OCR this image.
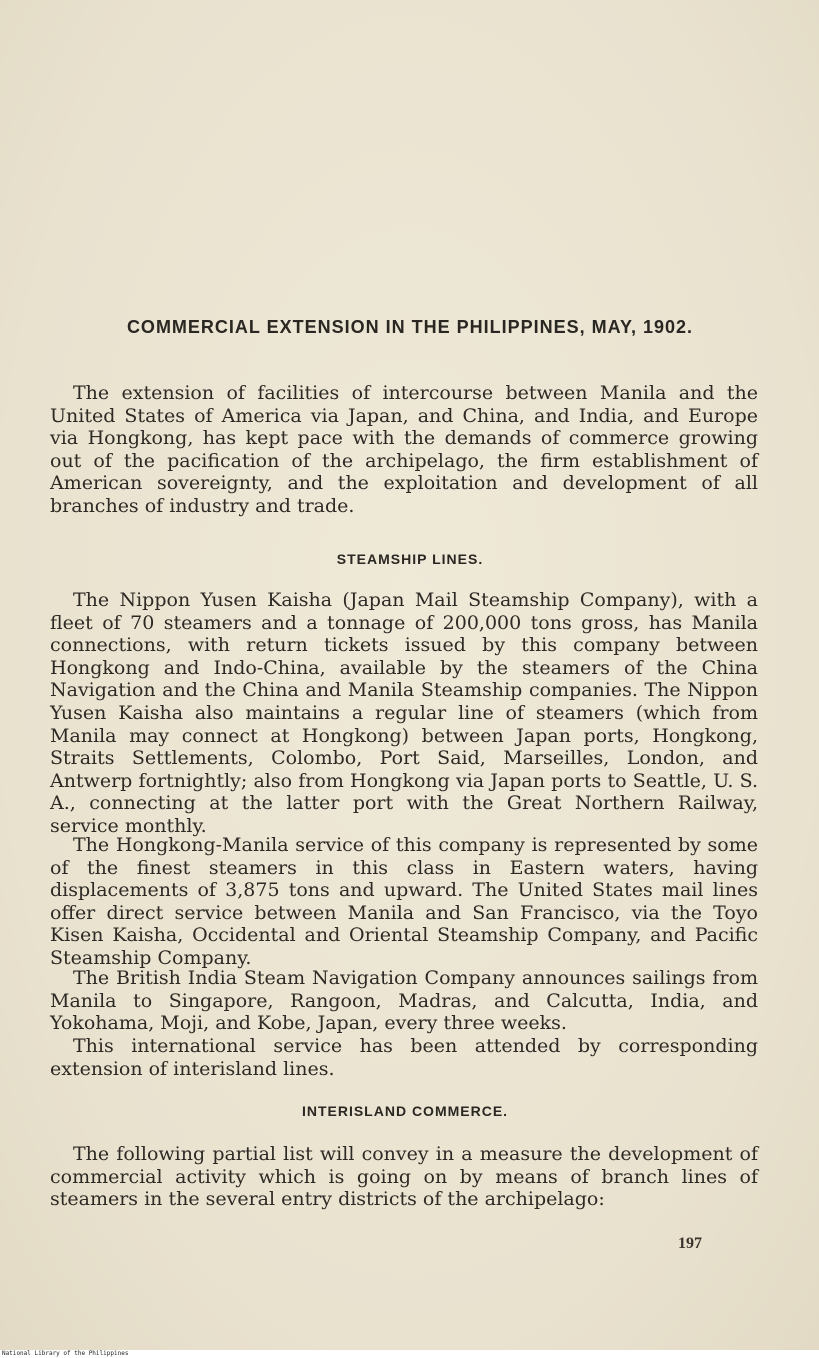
COMMERCIAL EXTENSION IN THE PHILIPPINES, MAY, 1902.

The extension of facilities of intercourse between Manila and the United States of America via Japan, and China, and India, and Europe via Hongkong, has kept pace with the demands of commerce growing out of the pacification of the archipelago, the firm establishment of American sovereignty, and the exploitation and development of all branches of industry and trade.

STEAMSHIP LINES.

The Nippon Yusen Kaisha (Japan Mail Steamship Company), with a fleet of 70 steamers and a tonnage of 200,000 tons gross, has Manila connections, with return tickets issued by this company between Hongkong and Indo-China, available by the steamers of the China Navigation and the China and Manila Steamship companies. The Nippon Yusen Kaisha also maintains a regular line of steamers (which from Manila may connect at Hongkong) between Japan ports, Hongkong, Straits Settlements, Colombo, Port Said, Marseilles, London, and Antwerp fortnightly; also from Hongkong via Japan ports to Seattle, U. S. A., connecting at the latter port with the Great Northern Railway, service monthly.

The Hongkong-Manila service of this company is represented by some of the finest steamers in this class in Eastern waters, having displacements of 3,875 tons and upward. The United States mail lines offer direct service between Manila and San Francisco, via the Toyo Kisen Kaisha, Occidental and Oriental Steamship Company, and Pacific Steamship Company.

The British India Steam Navigation Company announces sailings from Manila to Singapore, Rangoon, Madras, and Calcutta, India, and Yokohama, Moji, and Kobe, Japan, every three weeks.

This international service has been attended by corresponding extension of interisland lines.

INTERISLAND COMMERCE.

The following partial list will convey in a measure the development of commercial activity which is going on by means of branch lines of steamers in the several entry districts of the archipelago:

197

National Library of the Philippines
